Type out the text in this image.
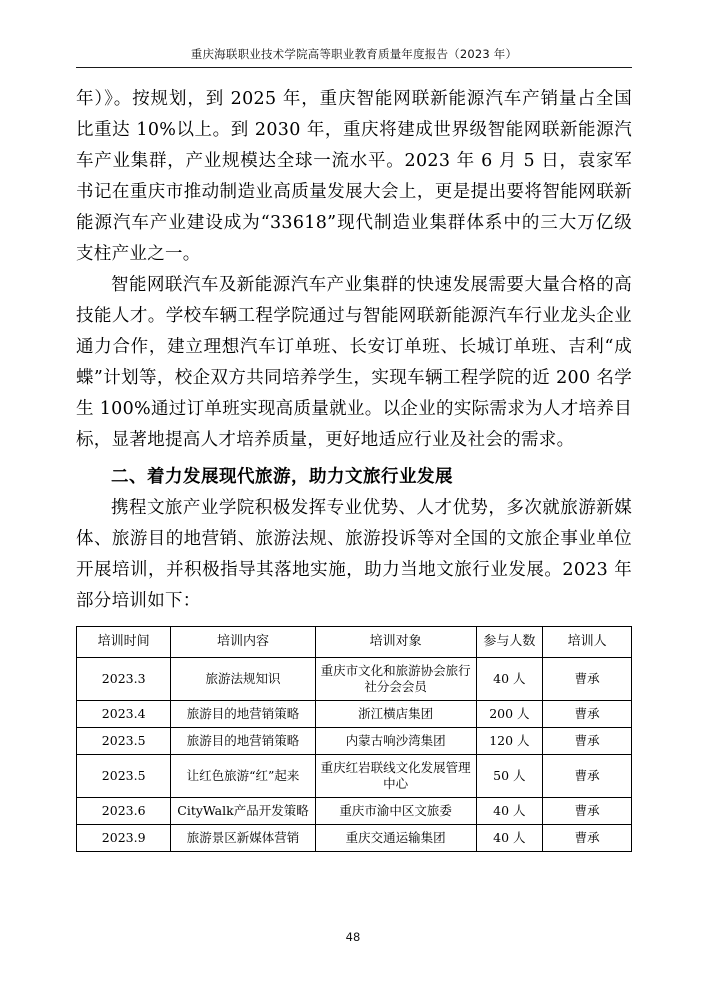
重庆海联职业技术学院高等职业教育质量年度报告（2023 年）

年）》。按规划，到 2025 年，重庆智能网联新能源汽车产销量占全国比重达 10%以上。到 2030 年，重庆将建成世界级智能网联新能源汽车产业集群，产业规模达全球一流水平。2023 年 6 月 5 日，袁家军书记在重庆市推动制造业高质量发展大会上，更是提出要将智能网联新能源汽车产业建设成为“33618”现代制造业集群体系中的三大万亿级支柱产业之一。

智能网联汽车及新能源汽车产业集群的快速发展需要大量合格的高技能人才。学校车辆工程学院通过与智能网联新能源汽车行业龙头企业通力合作，建立理想汽车订单班、长安订单班、长城订单班、吉利“成蝶”计划等，校企双方共同培养学生，实现车辆工程学院的近 200 名学生 100%通过订单班实现高质量就业。以企业的实际需求为人才培养目标，显著地提高人才培养质量，更好地适应行业及社会的需求。

二、着力发展现代旅游，助力文旅行业发展

携程文旅产业学院积极发挥专业优势、人才优势，多次就旅游新媒体、旅游目的地营销、旅游法规、旅游投诉等对全国的文旅企事业单位开展培训，并积极指导其落地实施，助力当地文旅行业发展。2023 年部分培训如下：

培训时间	培训内容	培训对象	参与人数	培训人
2023.3	旅游法规知识	重庆市文化和旅游协会旅行社分会会员	40 人	曹承
2023.4	旅游目的地营销策略	浙江横店集团	200 人	曹承
2023.5	旅游目的地营销策略	内蒙古响沙湾集团	120 人	曹承
2023.5	让红色旅游“红”起来	重庆红岩联线文化发展管理中心	50 人	曹承
2023.6	CityWalk产品开发策略	重庆市渝中区文旅委	40 人	曹承
2023.9	旅游景区新媒体营销	重庆交通运输集团	40 人	曹承
48
